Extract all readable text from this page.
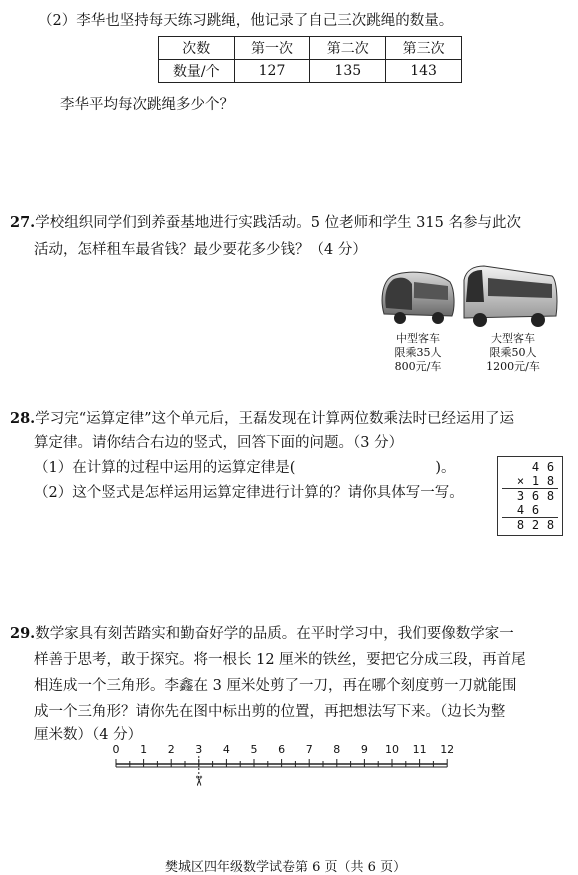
（2）李华也坚持每天练习跳绳，他记录了自己三次跳绳的数量。
次数	第一次	第二次	第三次
数量/个	127	135	143
李华平均每次跳绳多少个？
27.学校组织同学们到养蚕基地进行实践活动。5 位老师和学生 315 名参与此次
活动，怎样租车最省钱？最少要花多少钱？（4 分）
中型客车
限乘35人
800元/车
大型客车
限乘50人
1200元/车
28.学习完“运算定律”这个单元后，王磊发现在计算两位数乘法时已经运用了运
算定律。请你结合右边的竖式，回答下面的问题。（3 分）
（1）在计算的过程中运用的运算定律是(	)。
（2）这个竖式是怎样运用运算定律进行计算的？请你具体写一写。
4 6
× 1 8
3 6 8
4 6
8 2 8
29.数学家具有刻苦踏实和勤奋好学的品质。在平时学习中，我们要像数学家一
样善于思考，敢于探究。将一根长 12 厘米的铁丝，要把它分成三段，再首尾
相连成一个三角形。李鑫在 3 厘米处剪了一刀，再在哪个刻度剪一刀就能围
成一个三角形？请你先在图中标出剪的位置，再把想法写下来。（边长为整
厘米数）（4 分）
0 1 2 3 4 5 6 7 8 9 10 11 12
✂
樊城区四年级数学试卷第 6 页（共 6 页）
